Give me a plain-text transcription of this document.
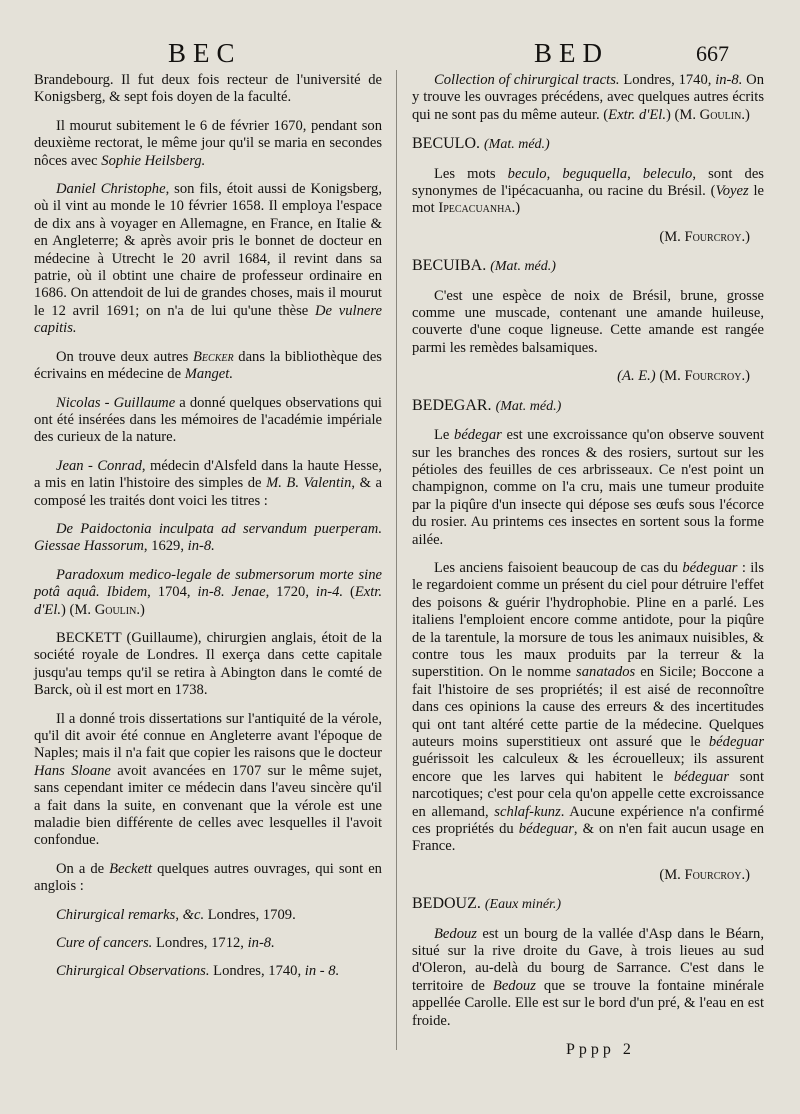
BEC	BED	667

Brandebourg. Il fut deux fois recteur de l'université de Konigsberg, & sept fois doyen de la faculté.

Il mourut subitement le 6 de février 1670, pendant son deuxième rectorat, le même jour qu'il se maria en secondes nôces avec Sophie Heilsberg.

Daniel Christophe, son fils, étoit aussi de Konigsberg, où il vint au monde le 10 février 1658. Il employa l'espace de dix ans à voyager en Allemagne, en France, en Italie & en Angleterre; & après avoir pris le bonnet de docteur en médecine à Utrecht le 20 avril 1684, il revint dans sa patrie, où il obtint une chaire de professeur ordinaire en 1686. On attendoit de lui de grandes choses, mais il mourut le 12 avril 1691; on n'a de lui qu'une thèse De vulnere capitis.

On trouve deux autres Becker dans la bibliothèque des écrivains en médecine de Manget.

Nicolas - Guillaume a donné quelques observations qui ont été insérées dans les mémoires de l'académie impériale des curieux de la nature.

Jean - Conrad, médecin d'Alsfeld dans la haute Hesse, a mis en latin l'histoire des simples de M. B. Valentin, & a composé les traités dont voici les titres :

De Paidoctonia inculpata ad servandum puerperam. Giessae Hassorum, 1629, in-8.

Paradoxum medico-legale de submersorum morte sine potâ aquâ. Ibidem, 1704, in-8. Jenae, 1720, in-4. (Extr. d'El.) (M. Goulin.)

BECKETT (Guillaume), chirurgien anglais, étoit de la société royale de Londres. Il exerça dans cette capitale jusqu'au temps qu'il se retira à Abington dans le comté de Barck, où il est mort en 1738.

Il a donné trois dissertations sur l'antiquité de la vérole, qu'il dit avoir été connue en Angleterre avant l'époque de Naples; mais il n'a fait que copier les raisons que le docteur Hans Sloane avoit avancées en 1707 sur le même sujet, sans cependant imiter ce médecin dans l'aveu sincère qu'il a fait dans la suite, en convenant que la vérole est une maladie bien différente de celles avec lesquelles il l'avoit confondue.

On a de Beckett quelques autres ouvrages, qui sont en anglois :

Chirurgical remarks, &c. Londres, 1709.

Cure of cancers. Londres, 1712, in-8.

Chirurgical Observations. Londres, 1740, in - 8.

Collection of chirurgical tracts. Londres, 1740, in-8. On y trouve les ouvrages précédens, avec quelques autres écrits qui ne sont pas du même auteur. (Extr. d'El.) (M. Goulin.)

BECULO. (Mat. méd.)

Les mots beculo, beguquella, beleculo, sont des synonymes de l'ipécacuanha, ou racine du Brésil. (Voyez le mot Ipecacuanha.)

(M. Fourcroy.)

BECUIBA. (Mat. méd.)

C'est une espèce de noix de Brésil, brune, grosse comme une muscade, contenant une amande huileuse, couverte d'une coque ligneuse. Cette amande est rangée parmi les remèdes balsamiques.

(A. E.) (M. Fourcroy.)

BEDEGAR. (Mat. méd.)

Le bédegar est une excroissance qu'on observe souvent sur les branches des ronces & des rosiers, surtout sur les pétioles des feuilles de ces arbrisseaux. Ce n'est point un champignon, comme on l'a cru, mais une tumeur produite par la piqûre d'un insecte qui dépose ses œufs sous l'écorce du rosier. Au printems ces insectes en sortent sous la forme ailée.

Les anciens faisoient beaucoup de cas du bédeguar : ils le regardoient comme un présent du ciel pour détruire l'effet des poisons & guérir l'hydrophobie. Pline en a parlé. Les italiens l'emploient encore comme antidote, pour la piqûre de la tarentule, la morsure de tous les animaux nuisibles, & contre tous les maux produits par la terreur & la superstition. On le nomme sanatados en Sicile; Boccone a fait l'histoire de ses propriétés; il est aisé de reconnoître dans ces opinions la cause des erreurs & des incertitudes qui ont tant altéré cette partie de la médecine. Quelques auteurs moins superstitieux ont assuré que le bédeguar guérissoit les calculeux & les écrouelleux; ils assurent encore que les larves qui habitent le bédeguar sont narcotiques; c'est pour cela qu'on appelle cette excroissance en allemand, schlaf-kunz. Aucune expérience n'a confirmé ces propriétés du bédeguar, & on n'en fait aucun usage en France.

(M. Fourcroy.)

BEDOUZ. (Eaux minér.)

Bedouz est un bourg de la vallée d'Asp dans le Béarn, situé sur la rive droite du Gave, à trois lieues au sud d'Oleron, au-delà du bourg de Sarrance. C'est dans le territoire de Bedouz que se trouve la fontaine minérale appellée Carolle. Elle est sur le bord d'un pré, & l'eau en est froide.

Pppp 2
